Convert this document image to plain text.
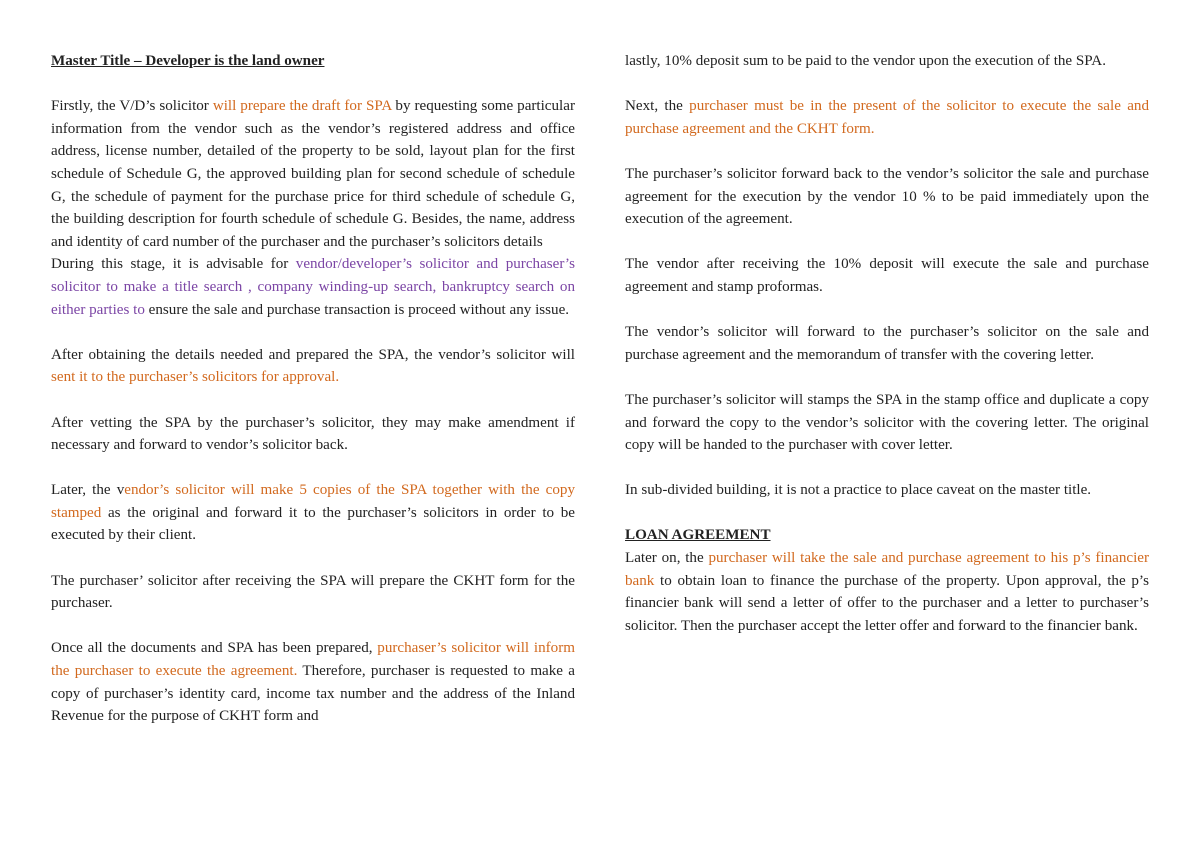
Master Title – Developer is the land owner

Firstly, the V/D’s solicitor will prepare the draft for SPA by requesting some particular information from the vendor such as the vendor’s registered address and office address, license number, detailed of the property to be sold, layout plan for the first schedule of Schedule G, the approved building plan for second schedule of schedule G, the schedule of payment for the purchase price for third schedule of schedule G, the building description for fourth schedule of schedule G. Besides, the name, address and identity of card number of the purchaser and the purchaser’s solicitors details

During this stage, it is advisable for vendor/developer’s solicitor and purchaser’s solicitor to make a title search , company winding-up search, bankruptcy search on either parties to ensure the sale and purchase transaction is proceed without any issue.

After obtaining the details needed and prepared the SPA, the vendor’s solicitor will sent it to the purchaser’s solicitors for approval.

After vetting the SPA by the purchaser’s solicitor, they may make amendment if necessary and forward to vendor’s solicitor back.

Later, the vendor’s solicitor will make 5 copies of the SPA together with the copy stamped as the original and forward it to the purchaser’s solicitors in order to be executed by their client.

The purchaser’ solicitor after receiving the SPA will prepare the CKHT form for the purchaser.

Once all the documents and SPA has been prepared, purchaser’s solicitor will inform the purchaser to execute the agreement. Therefore, purchaser is requested to make a copy of purchaser’s identity card, income tax number and the address of the Inland Revenue for the purpose of CKHT form and

lastly, 10% deposit sum to be paid to the vendor upon the execution of the SPA.

Next, the purchaser must be in the present of the solicitor to execute the sale and purchase agreement and the CKHT form.

The purchaser’s solicitor forward back to the vendor’s solicitor the sale and purchase agreement for the execution by the vendor 10 % to be paid immediately upon the execution of the agreement.

The vendor after receiving the 10% deposit will execute the sale and purchase agreement and stamp proformas.

The vendor’s solicitor will forward to the purchaser’s solicitor on the sale and purchase agreement and the memorandum of transfer with the covering letter.

The purchaser’s solicitor will stamps the SPA in the stamp office and duplicate a copy and forward the copy to the vendor’s solicitor with the covering letter. The original copy will be handed to the purchaser with cover letter.

In sub-divided building, it is not a practice to place caveat on the master title.

LOAN AGREEMENT

Later on, the purchaser will take the sale and purchase agreement to his p’s financier bank to obtain loan to finance the purchase of the property. Upon approval, the p’s financier bank will send a letter of offer to the purchaser and a letter to purchaser’s solicitor. Then the purchaser accept the letter offer and forward to the financier bank.
